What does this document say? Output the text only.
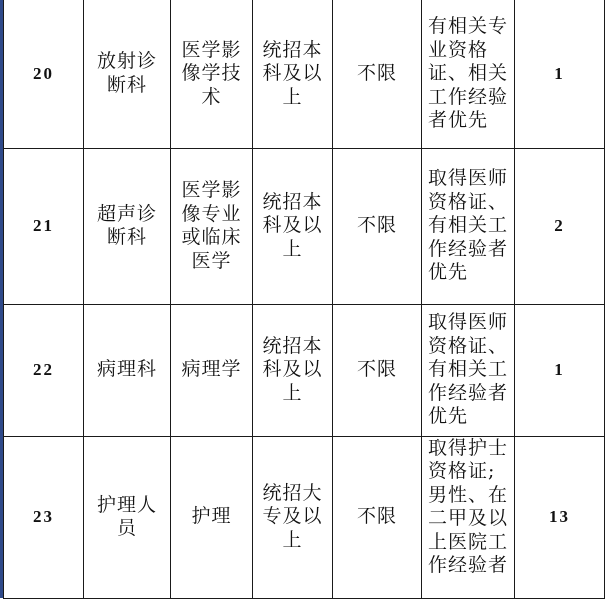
20	放射诊断科	医学影像学技术	统招本科及以上	不限	有相关专业资格证、相关工作经验者优先	1
21	超声诊断科	医学影像专业或临床医学	统招本科及以上	不限	取得医师资格证、有相关工作经验者优先	2
22	病理科	病理学	统招本科及以上	不限	取得医师资格证、有相关工作经验者优先	1
23	护理人员	护理	统招大专及以上	不限	取得护士资格证;男性、在二甲及以上医院工作经验者	13
